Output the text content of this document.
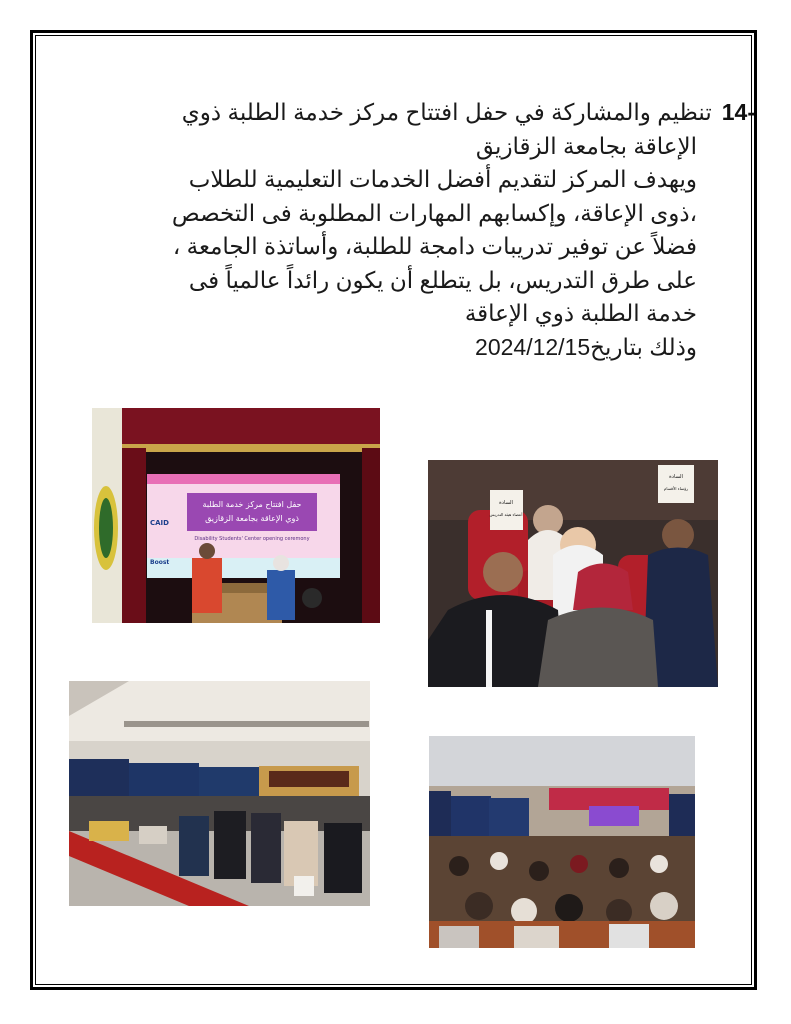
14-تنظيم والمشاركة في حفل افتتاح مركز خدمة الطلبة ذوي
الإعاقة بجامعة الزقازيق
ويهدف المركز لتقديم أفضل الخدمات التعليمية للطلاب
،ذوى الإعاقة، وإكسابهم المهارات المطلوبة فى التخصص
فضلاً عن توفير تدريبات دامجة للطلبة، وأساتذة الجامعة ،
على طرق التدريس، بل يتطلع أن يكون رائداً عالمياً فى
خدمة الطلبة ذوي الإعاقة
وذلك بتاريخ2024/12/15
حفل افتتاح مركز خدمة الطلبة
ذوي الإعاقة بجامعة الزقازيق
Disability Students' Center opening ceremony
CAID
Boost
السادة
أعضاء هيئة التدريس
السادة
رؤساء الأقسام
